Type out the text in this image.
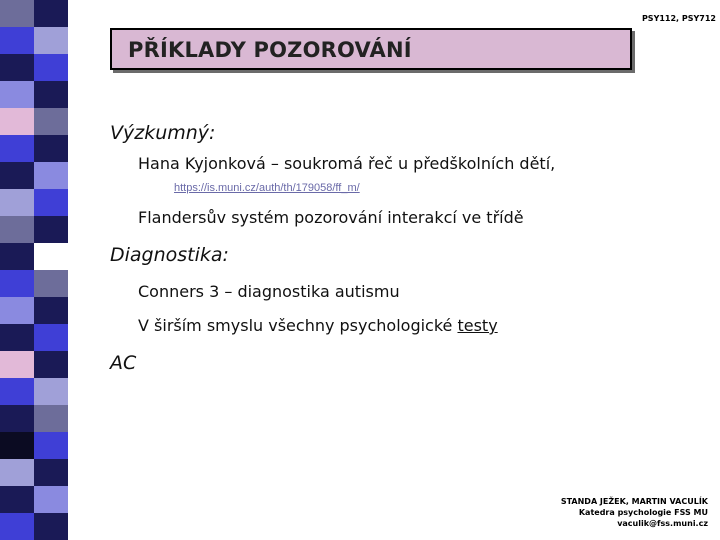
PSY112, PSY712
PŘÍKLADY POZOROVÁNÍ
Výzkumný:
Hana Kyjonková – soukromá řeč u předškolních dětí,
https://is.muni.cz/auth/th/179058/ff_m/
Flandersův systém pozorování interakcí ve třídě
Diagnostika:
Conners 3 – diagnostika autismu
V širším smyslu všechny psychologické testy
AC
STANDA JEŽEK, MARTIN VACULÍK
Katedra psychologie FSS MU
vaculik@fss.muni.cz
